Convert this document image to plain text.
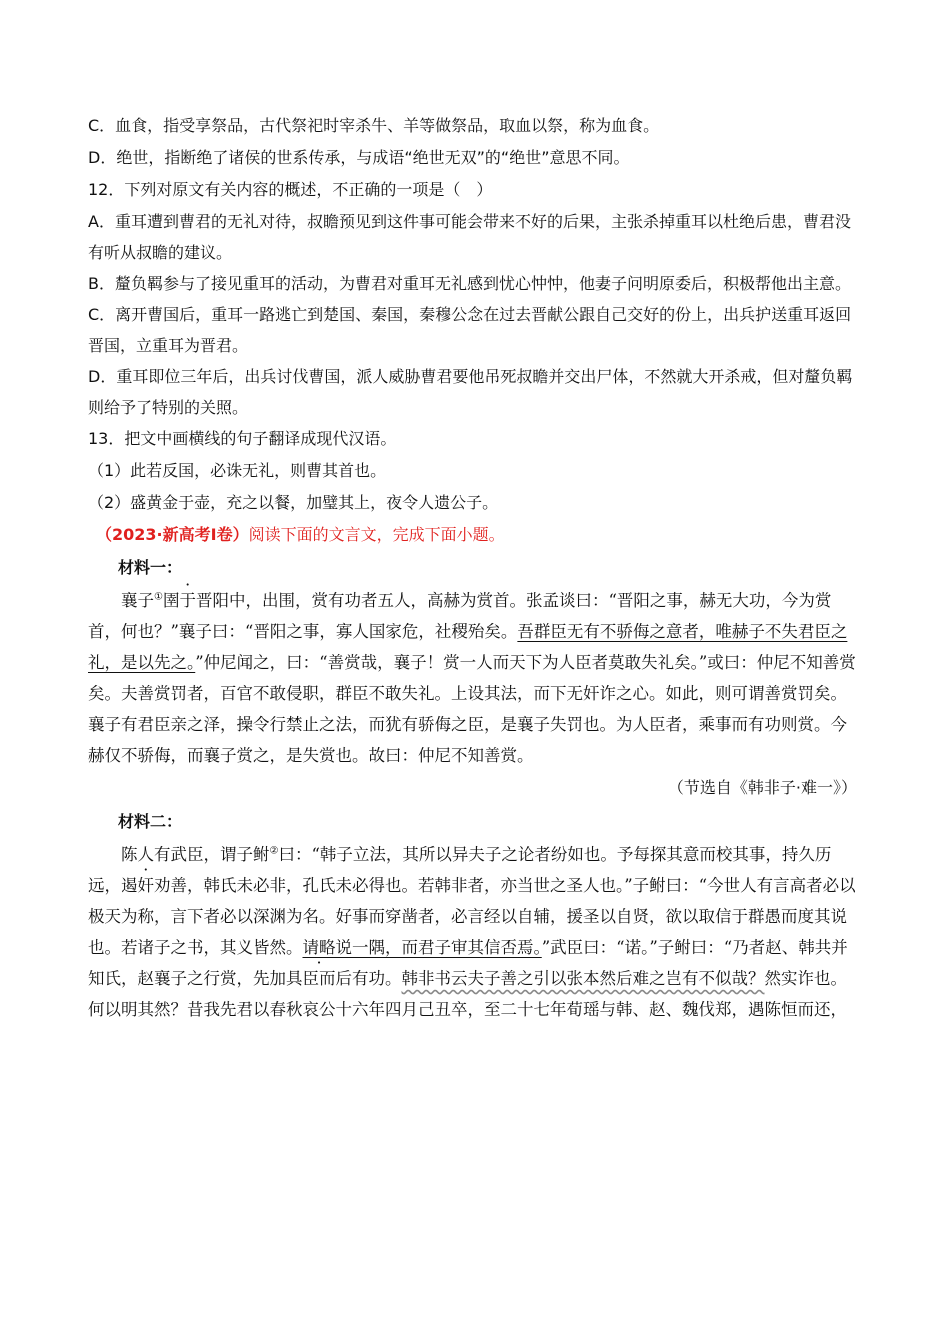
C．血食，指受享祭品，古代祭祀时宰杀牛、羊等做祭品，取血以祭，称为血食。
D．绝世，指断绝了诸侯的世系传承，与成语“绝世无双”的“绝世”意思不同。
12．下列对原文有关内容的概述，不正确的一项是（　）
A．重耳遭到曹君的无礼对待，叔瞻预见到这件事可能会带来不好的后果，主张杀掉重耳以杜绝后患，曹君没有听从叔瞻的建议。
B．釐负羁参与了接见重耳的活动，为曹君对重耳无礼感到忧心忡忡，他妻子问明原委后，积极帮他出主意。
C．离开曹国后，重耳一路逃亡到楚国、秦国，秦穆公念在过去晋献公跟自己交好的份上，出兵护送重耳返回晋国，立重耳为晋君。
D．重耳即位三年后，出兵讨伐曹国，派人威胁曹君要他吊死叔瞻并交出尸体，不然就大开杀戒，但对釐负羁则给予了特别的关照。
13．把文中画横线的句子翻译成现代汉语。
（1）此若反国，必诛无礼，则曹其首也。
（2）盛黄金于壶，充之以餐，加璧其上，夜令人遗公子。
（2023·新高考Ⅰ卷）阅读下面的文言文，完成下面小题。
材料一：
襄子①圉于晋阳中，出围，赏有功者五人，高赫为赏首。张孟谈曰：“晋阳之事，赫无大功，今为赏首，何也？”襄子曰：“晋阳之事，寡人国家危，社稷殆矣。吾群臣无有不骄侮之意者，唯赫子不失君臣之礼，是以先之。”仲尼闻之，曰：“善赏哉，襄子！赏一人而天下为人臣者莫敢失礼矣。”或曰：仲尼不知善赏矣。夫善赏罚者，百官不敢侵职，群臣不敢失礼。上设其法，而下无奸诈之心。如此，则可谓善赏罚矣。襄子有君臣亲之泽，操令行禁止之法，而犹有骄侮之臣，是襄子失罚也。为人臣者，乘事而有功则赏。今赫仅不骄侮，而襄子赏之，是失赏也。故曰：仲尼不知善赏。
（节选自《韩非子·难一》）
材料二：
陈人有武臣，谓子鲋②曰：“韩子立法，其所以异夫子之论者纷如也。予每探其意而校其事，持久历远，遏奸劝善，韩氏未必非，孔氏未必得也。若韩非者，亦当世之圣人也。”子鲋曰：“今世人有言高者必以极天为称，言下者必以深渊为名。好事而穿凿者，必言经以自辅，援圣以自贤，欲以取信于群愚而度其说也。若诸子之书，其义皆然。请略说一隅，而君子审其信否焉。”武臣曰：“诺。”子鲋曰：“乃者赵、韩共并知氏，赵襄子之行赏，先加具臣而后有功。韩非书云夫子善之引以张本然后难之岂有不似哉？然实诈也。何以明其然？昔我先君以春秋哀公十六年四月己丑卒，至二十七年荀瑶与韩、赵、魏伐郑，遇陈恒而还，
